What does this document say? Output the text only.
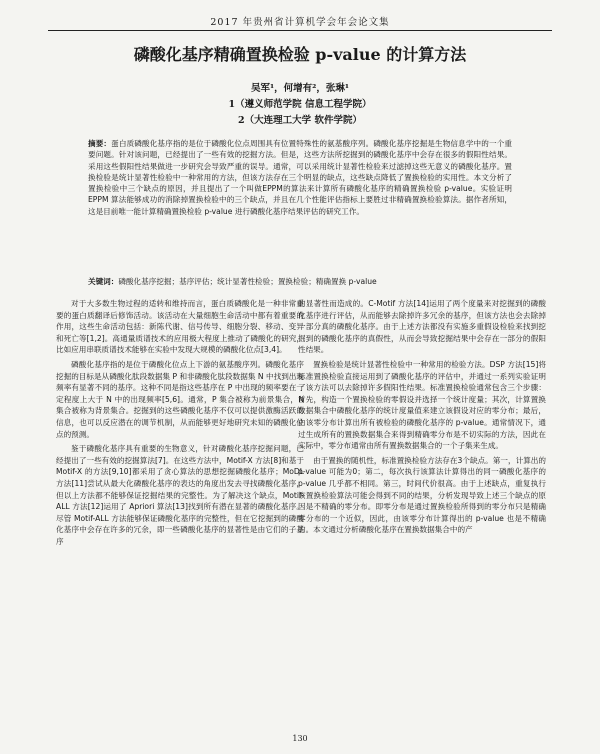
2017 年贵州省计算机学会年会论文集
磷酸化基序精确置换检验 p-value 的计算方法
吴军¹，何增有²，张琳¹
1（遵义师范学院 信息工程学院）
2（大连理工大学 软件学院）
摘要：蛋白质磷酸化基序指的是位于磷酸化位点周围具有位置特殊性的氨基酸序列。磷酸化基序挖掘是生物信息学中的一个重要问题。针对该问题，已经提出了一些有效的挖掘方法。但是，这些方法所挖掘到的磷酸化基序中会存在很多的假阳性结果。采用这些假阳性结果做进一步研究会导致严重的误导。通常，可以采用统计显著性检验来过滤掉这些无意义的磷酸化基序。置换检验是统计显著性检验中一种常用的方法，但该方法存在三个明显的缺点，这些缺点降低了置换检验的实用性。本文分析了置换检验中三个缺点的原因，并且提出了一个叫做EPPM的算法来计算所有磷酸化基序的精确置换检验 p-value。实验证明 EPPM 算法能够成功的消除掉置换检验中的三个缺点，并且在几个性能评估指标上要胜过非精确置换检验算法。据作者所知，这是目前唯一能计算精确置换检验 p-value 进行磷酸化基序结果评估的研究工作。
关键词：磷酸化基序挖掘；基序评估；统计显著性检验；置换检验；精确置换 p-value

对于大多数生物过程的适转和维持而言，蛋白质磷酸化是一种非常重要的蛋白质翻译后修饰活动。该活动在大量细胞生命活动中都有着重要的作用，这些生命活动包括：新陈代谢、信号传导、细胞分裂、移动、变异和死亡等[1,2]。高通量质谱技术的应用极大程度上推动了磷酸化的研究，比如应用串联质谱技术能够在实验中发现大规模的磷酸化位点[3,4]。

磷酸化基序指的是位于磷酸化位点上下游的氨基酸序列。磷酸化基序挖掘的目标是从磷酸化肽段数据集 P 和非磷酸化肽段数据集 N 中找到出现频率有显著不同的基序。这种不同是指这些基序在 P 中出现的频率要在一定程度上大于 N 中的出现频率[5,6]。通常，P 集合被称为前景集合，N 集合被称为背景集合。挖掘到的这些磷酸化基序不仅可以提供激酶活跃的信息，也可以反应潜在的调节机制，从而能够更好地研究未知的磷酸化位点的预测。

鉴于磷酸化基序具有重要的生物意义，针对磷酸化基序挖掘问题，已经提出了一些有效的挖掘算法[7]。在这些方法中，Motif-X 方法[8]和基于 Motif-X 的方法[9,10]都采用了贪心算法的思想挖掘磷酸化基序；MoDL 方法[11]尝试从最大化磷酸化基序的表达的角度出发去寻找磷酸化基序，但以上方法都不能够保证挖掘结果的完整性。为了解决这个缺点，Motif-ALL 方法[12]运用了 Apriori 算法[13]找到所有潜在显著的磷酸化基序。尽管 Motif-ALL 方法能够保证磷酸化基序的完整性，但在它挖掘到的磷酸化基序中会存在许多的冗余，即一些磷酸化基序的显著性是由它们的子基序

的显著性而造成的。C-Motif 方法[14]运用了两个度量来对挖掘到的磷酸化基序进行评估，从而能够去除掉许多冗余的基序，但该方法也会去除掉一部分真的磷酸化基序。由于上述方法都没有实施多重假设检验来找到挖掘到的磷酸化基序的真假性，从而会导致挖掘结果中会存在一部分的假阳性结果。

置换检验是统计显著性检验中一种常用的检验方法。DSP 方法[15]将标准置换检验直接运用到了磷酸化基序的评估中，并通过一系列实验证明了该方法可以去除掉许多假阳性结果。标准置换检验通常包含三个步骤：首先，构造一个置换检验的零假设并选择一个统计度量；其次，计算置换数据集合中磷酸化基序的统计度量值来建立该假设对应的零分布；最后，由该零分布计算出所有被检验的磷酸化基序的 p-value。通常情况下，通过生成所有的置换数据集合来得到精确零分布是不切实际的方法，因此在实际中，零分布通常由所有置换数据集合的一个子集来生成。

由于置换的随机性，标准置换检验方法存在3个缺点。第一，计算出的 p-value 可能为0；第二，每次执行该算法计算得出的同一磷酸化基序的 p-value 几乎都不相同。第三，时间代价很高。由于上述缺点，重复执行该置换检验算法可能会得到不同的结果，分析发现导致上述三个缺点的原因是不精确的零分布。即零分布是通过置换检验所得到的零分布只是精确零分布的一个近似，因此，由该零分布计算得出的 p-value 也是不精确的。本文通过分析磷酸化基序在置换数据集合中的产

130
